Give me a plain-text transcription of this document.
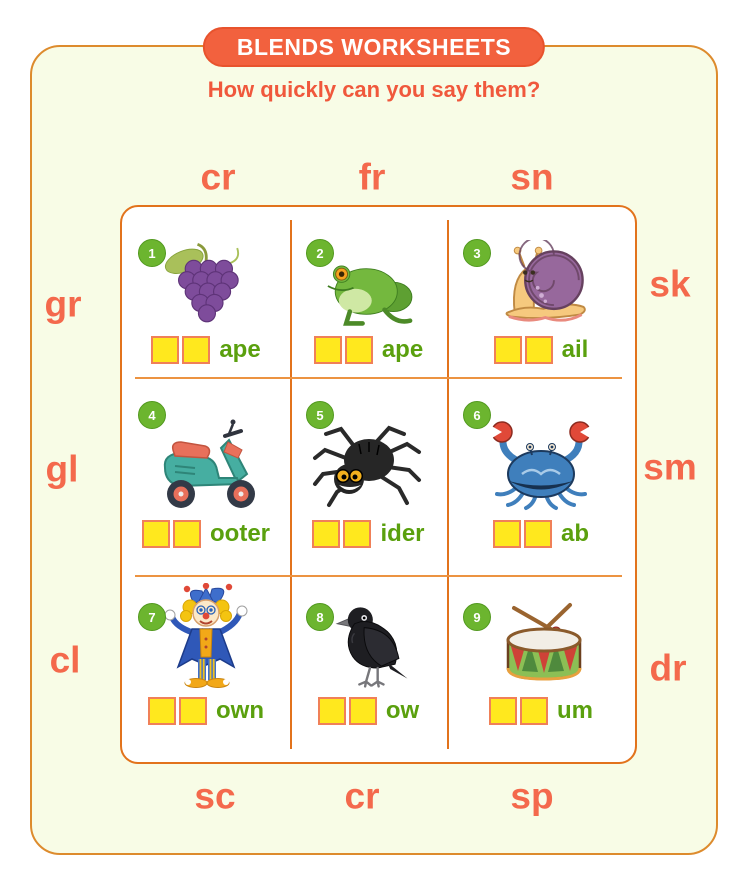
BLENDS WORKSHEETS
How quickly can you say them?
cr	fr	sn
gr
gl
cl
sk
sm
dr
sc	cr	sp
1
ape
2
ape
3
ail
4
ooter
5
ider
6
ab
7
own
8
ow
9
um
